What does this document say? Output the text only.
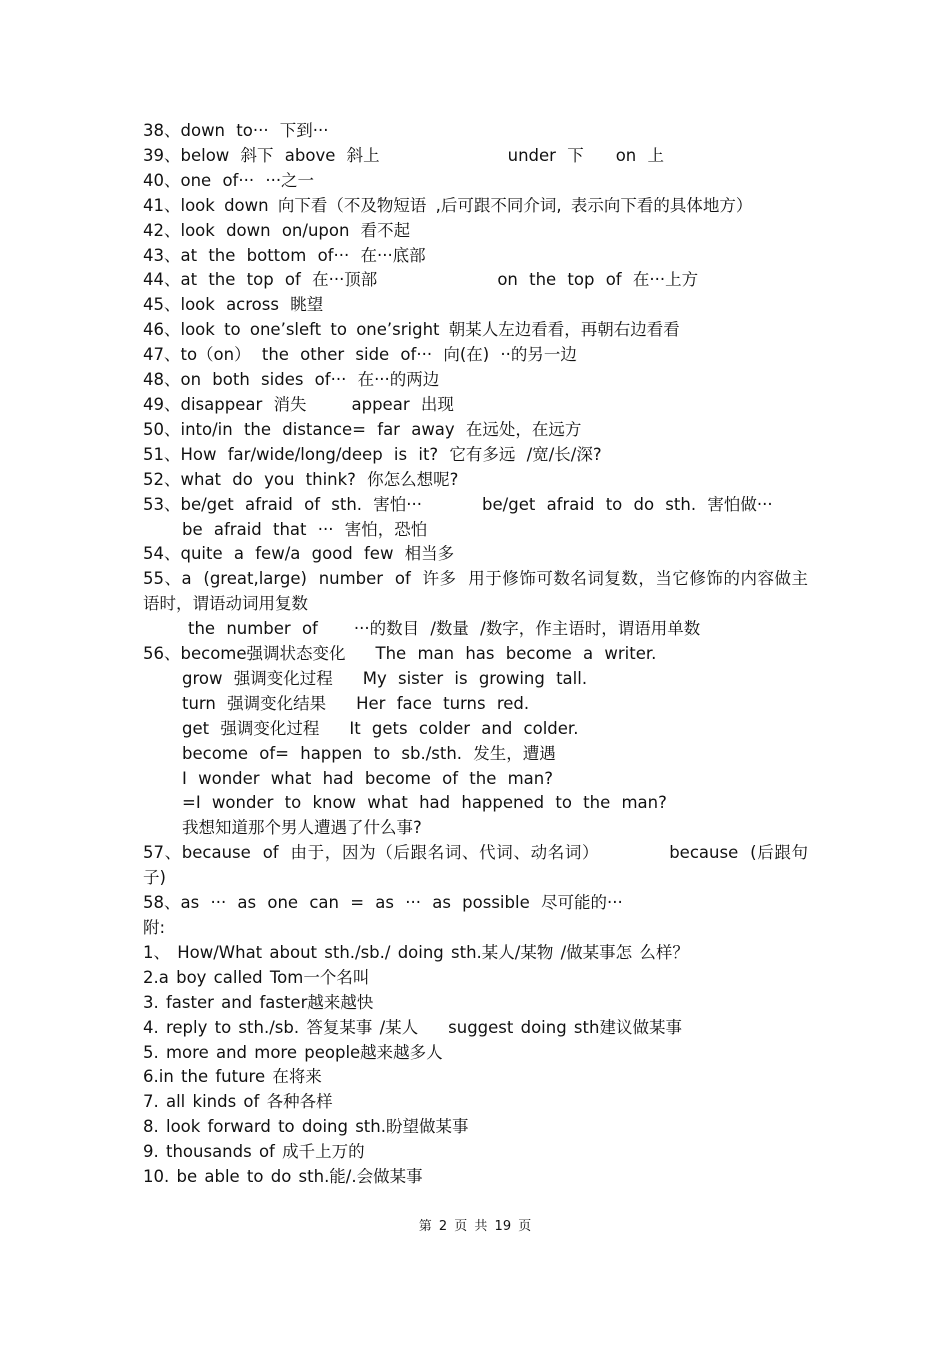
38、down to··· 下到···
39、below 斜下 above 斜上	under 下 on 上
40、one of··· ···之一
41、look down 向下看（不及物短语 ,后可跟不同介词, 表示向下看的具体地方）
42、look down on/upon 看不起
43、at the bottom of··· 在···底部
44、at the top of 在···顶部	on the top of 在···上方
45、look across 眺望
46、look to one’sleft to one’sright 朝某人左边看看，再朝右边看看
47、to（on） the other side of··· 向(在) ··的另一边
48、on both sides of··· 在···的两边
49、disappear 消失	appear 出现
50、into/in the distance= far away 在远处，在远方
51、How far/wide/long/deep is it? 它有多远 /宽/长/深?
52、what do you think? 你怎么想呢?
53、be/get afraid of sth. 害怕···	be/get afraid to do sth. 害怕做···
be afraid that ··· 害怕，恐怕
54、quite a few/a good few 相当多
55、a (great,large) number of 许多 用于修饰可数名词复数，当它修饰的内容做主语时，谓语动词用复数
the number of ···的数目 /数量 /数字，作主语时，谓语用单数
56、become强调状态变化 The man has become a writer.
grow 强调变化过程 My sister is growing tall.
turn 强调变化结果 Her face turns red.
get 强调变化过程 It gets colder and colder.
become of= happen to sb./sth. 发生，遭遇
I wonder what had become of the man?
=I wonder to know what had happened to the man?
我想知道那个男人遭遇了什么事?
57、because of 由于，因为（后跟名词、代词、动名词）	because (后跟句子)
58、as ··· as one can = as ··· as possible 尽可能的···
附:
1、 How/What about sth./sb./ doing sth.某人/某物 /做某事怎 么样？
2.a boy called Tom一个名叫
3. faster and faster越来越快
4. reply to sth./sb. 答复某事 /某人 suggest doing sth建议做某事
5. more and more people越来越多人
6.in the future 在将来
7. all kinds of 各种各样
8. look forward to doing sth.盼望做某事
9. thousands of 成千上万的
10. be able to do sth.能/.会做某事
第 2 页 共 19 页
